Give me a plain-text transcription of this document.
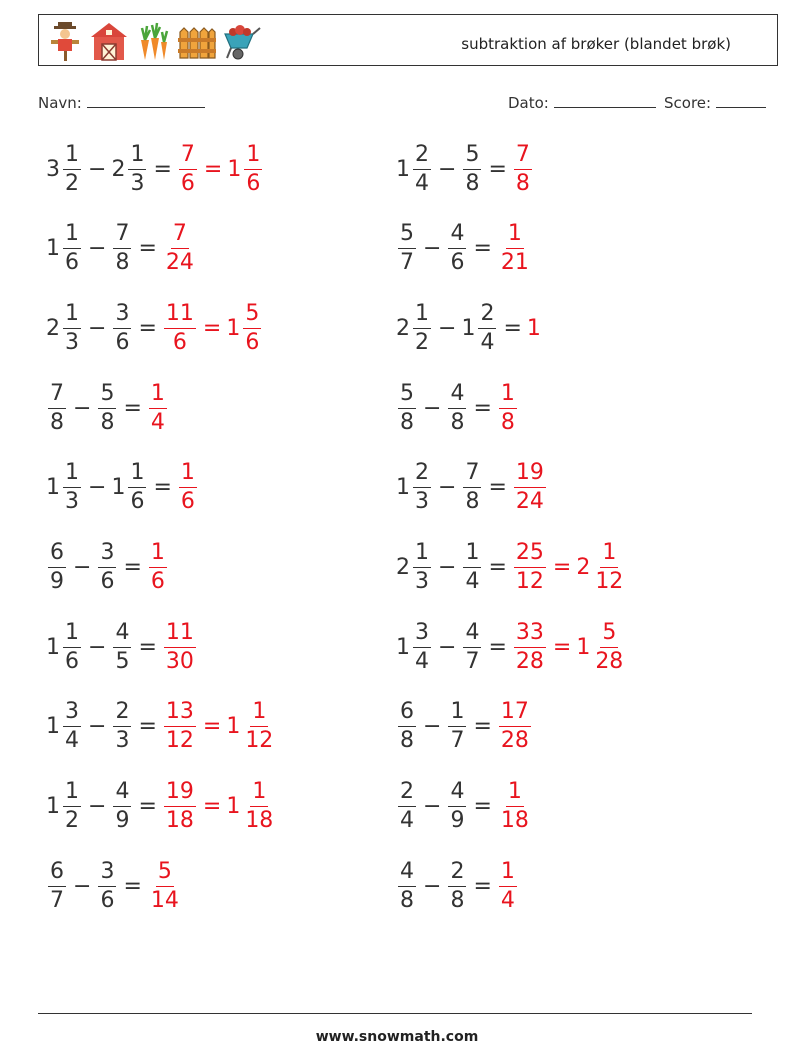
subtraktion af brøker (blandet brøk)
Navn:	Dato:	Score:
$3 \frac{1}{2} - 2 \frac{1}{3} = \frac{7}{6} = 1 \frac{1}{6}$
$1 \frac{1}{6} - \frac{7}{8} = \frac{7}{24}$
$2 \frac{1}{3} - \frac{3}{6} = \frac{11}{6} = 1 \frac{5}{6}$
$\frac{7}{8} - \frac{5}{8} = \frac{1}{4}$
$1 \frac{1}{3} - 1 \frac{1}{6} = \frac{1}{6}$
$\frac{6}{9} - \frac{3}{6} = \frac{1}{6}$
$1 \frac{1}{6} - \frac{4}{5} = \frac{11}{30}$
$1 \frac{3}{4} - \frac{2}{3} = \frac{13}{12} = 1 \frac{1}{12}$
$1 \frac{1}{2} - \frac{4}{9} = \frac{19}{18} = 1 \frac{1}{18}$
$\frac{6}{7} - \frac{3}{6} = \frac{5}{14}$
$1 \frac{2}{4} - \frac{5}{8} = \frac{7}{8}$
$\frac{5}{7} - \frac{4}{6} = \frac{1}{21}$
$2 \frac{1}{2} - 1 \frac{2}{4} = 1$
$\frac{5}{8} - \frac{4}{8} = \frac{1}{8}$
$1 \frac{2}{3} - \frac{7}{8} = \frac{19}{24}$
$2 \frac{1}{3} - \frac{1}{4} = \frac{25}{12} = 2 \frac{1}{12}$
$1 \frac{3}{4} - \frac{4}{7} = \frac{33}{28} = 1 \frac{5}{28}$
$\frac{6}{8} - \frac{1}{7} = \frac{17}{28}$
$\frac{2}{4} - \frac{4}{9} = \frac{1}{18}$
$\frac{4}{8} - \frac{2}{8} = \frac{1}{4}$
www.snowmath.com
